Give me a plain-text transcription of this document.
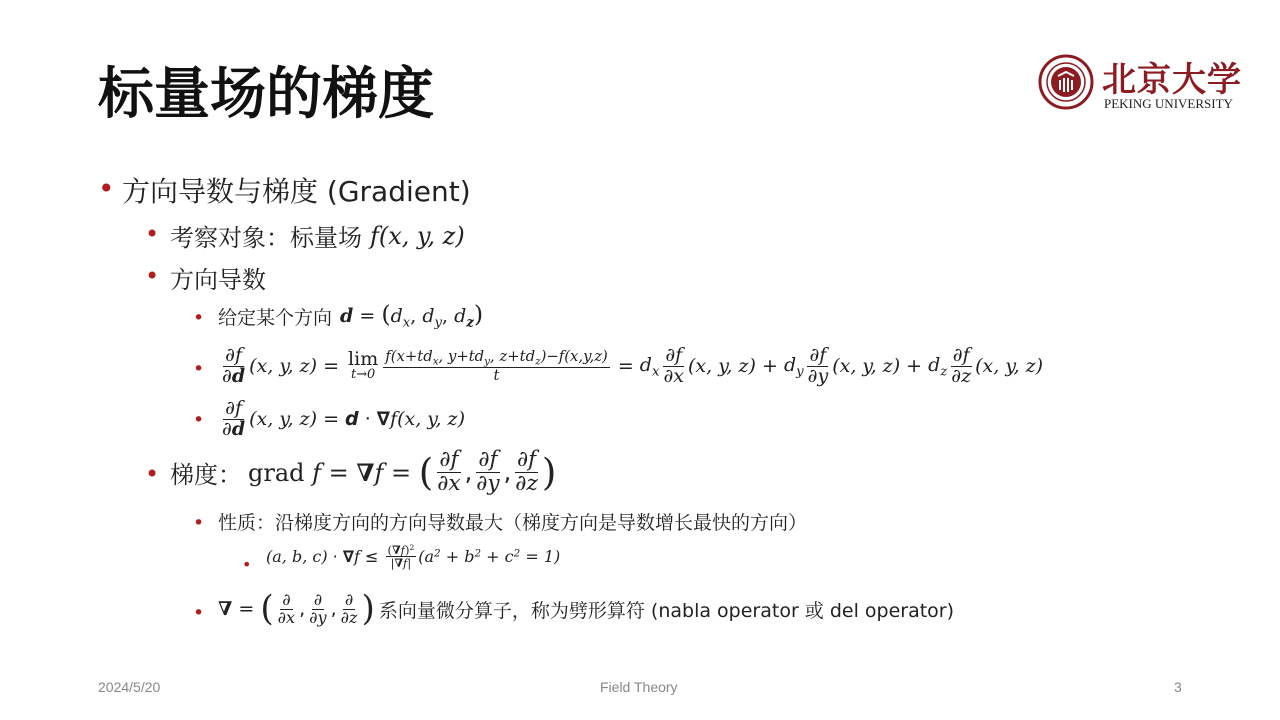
标量场的梯度	北京大学
PEKING UNIVERSITY
• 方向导数与梯度 (Gradient)
• 考察对象：标量场 f(x, y, z)
• 方向导数
• 给定某个方向 $d = (d_x$, $d_y$, $d_z$)
• $\frac{\partial f}{\partial d} (x$, y, z) = lim
$t\to 0 \frac{f(x+td_x, y+td_y, z+td_z)-f(x,y,z)}{t} = d_x \frac{\partial f}{\partial x} (x$, y, $z) + d_y \frac{\partial f}{\partial y} (x$, y, $z) + d_z \frac{\partial f}{\partial z} (x$, y, z)
• $\frac{\partial f}{\partial d} (x$, y, z) = d · ∇ f(x, y, z)
• 梯度： grad f = ∇f = ( $\frac{\partial f}{\partial x}$ , $\frac{\partial f}{\partial y}$ , $\frac{\partial f}{\partial z}$ )
• 性质：沿梯度方向的方向导数最大（梯度方向是导数增长最快的方向）
• (a, b, c) · ∇ $f \le \frac{(\nabla f)^2}{|\nabla f|} (a^2 + b^2 + c^2 = 1)$
• ∇ = ( $\frac{\partial}{\partial x}$ , $\frac{\partial}{\partial y}$ , $\frac{\partial}{\partial z}$ ) 系向量微分算子，称为劈形算符 (nabla operator 或 del operator)
2024/5/20	Field Theory	3
